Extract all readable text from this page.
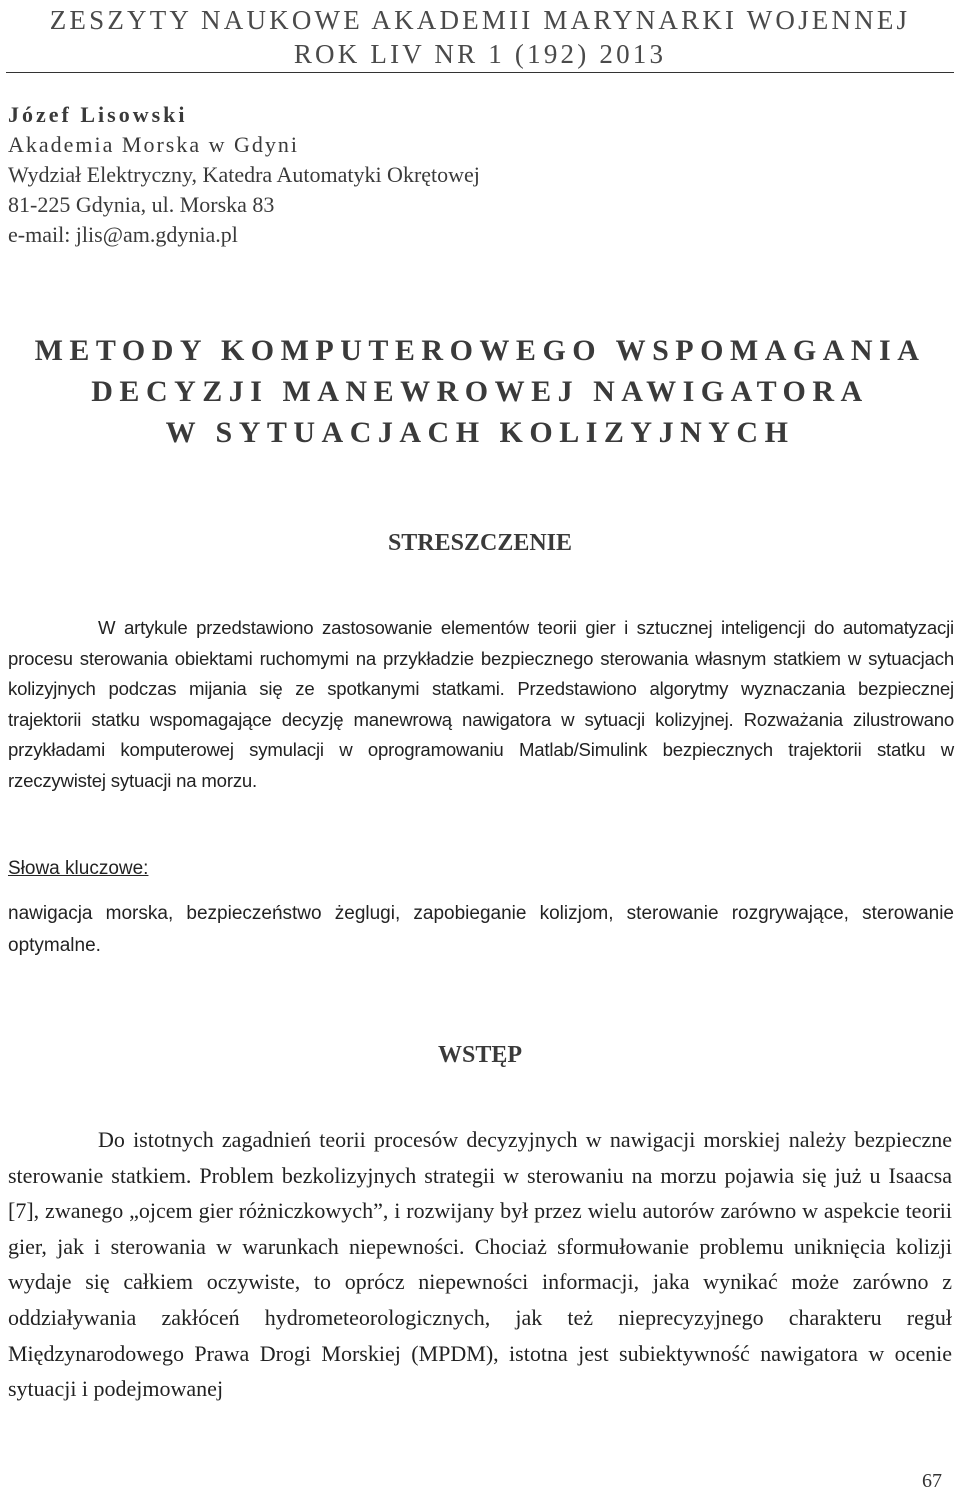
ZESZYTY NAUKOWE AKADEMII MARYNARKI WOJENNEJ
ROK LIV NR 1 (192) 2013
Józef Lisowski
Akademia Morska w Gdyni
Wydział Elektryczny, Katedra Automatyki Okrętowej
81-225 Gdynia, ul. Morska 83
e-mail: jlis@am.gdynia.pl
METODY KOMPUTEROWEGO WSPOMAGANIA
DECYZJI MANEWROWEJ NAWIGATORA
W SYTUACJACH KOLIZYJNYCH
STRESZCZENIE
W artykule przedstawiono zastosowanie elementów teorii gier i sztucznej inteligencji do automatyzacji procesu sterowania obiektami ruchomymi na przykładzie bezpiecznego sterowania własnym statkiem w sytuacjach kolizyjnych podczas mijania się ze spotkanymi statkami. Przedstawiono algorytmy wyznaczania bezpiecznej trajektorii statku wspomagające decyzję manewrową nawigatora w sytuacji kolizyjnej. Rozważania zilustrowano przykładami komputerowej symulacji w oprogramowaniu Matlab/Simulink bezpiecznych trajektorii statku w rzeczywistej sytuacji na morzu.
Słowa kluczowe:
nawigacja morska, bezpieczeństwo żeglugi, zapobieganie kolizjom, sterowanie rozgrywające, sterowanie optymalne.
WSTĘP
Do istotnych zagadnień teorii procesów decyzyjnych w nawigacji morskiej należy bezpieczne sterowanie statkiem. Problem bezkolizyjnych strategii w sterowaniu na morzu pojawia się już u Isaacsa [7], zwanego „ojcem gier różniczkowych”, i rozwijany był przez wielu autorów zarówno w aspekcie teorii gier, jak i sterowania w warunkach niepewności. Chociaż sformułowanie problemu uniknięcia kolizji wydaje się całkiem oczywiste, to oprócz niepewności informacji, jaka wynikać może zarówno z oddziaływania zakłóceń hydrometeorologicznych, jak też nieprecyzyjnego charakteru reguł Międzynarodowego Prawa Drogi Morskiej (MPDM), istotna jest subiektywność nawigatora w ocenie sytuacji i podejmowanej
67
